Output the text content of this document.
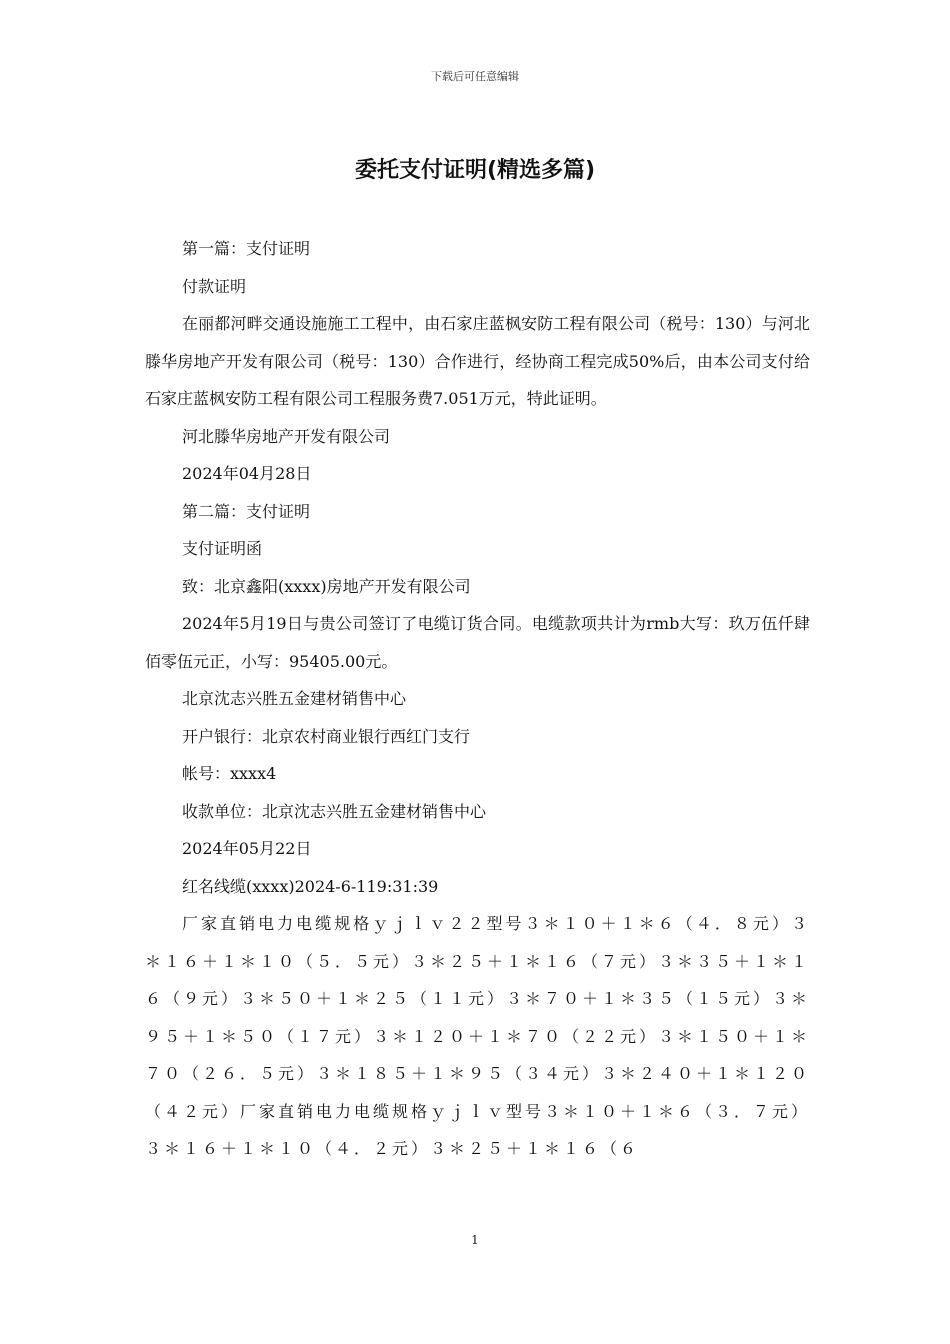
下载后可任意编辑
委托支付证明(精选多篇)

第一篇：支付证明

付款证明

在丽都河畔交通设施施工工程中，由石家庄蓝枫安防工程有限公司（税号：130）与河北滕华房地产开发有限公司（税号：130）合作进行，经协商工程完成50%后，由本公司支付给石家庄蓝枫安防工程有限公司工程服务费7.051万元，特此证明。

河北滕华房地产开发有限公司

2024年04月28日

第二篇：支付证明

支付证明函

致：北京鑫阳(xxxx)房地产开发有限公司

2024年5月19日与贵公司签订了电缆订货合同。电缆款项共计为rmb大写：玖万伍仟肆佰零伍元正，小写：95405.00元。

北京沈志兴胜五金建材销售中心

开户银行：北京农村商业银行西红门支行

帐号：xxxx4

收款单位：北京沈志兴胜五金建材销售中心

2024年05月22日

红名线缆(xxxx)2024-6-119:31:39

厂家直销电力电缆规格ｙｊｌｖ２２型号３＊１０＋１＊６（４．８元）３＊１６＋１＊１０（５．５元）３＊２５＋１＊１６（７元）３＊３５＋１＊１６（９元）３＊５０＋１＊２５（１１元）３＊７０＋１＊３５（１５元）３＊９５＋１＊５０（１７元）３＊１２０＋１＊７０（２２元）３＊１５０＋１＊７０（２６．５元）３＊１８５＋１＊９５（３４元）３＊２４０＋１＊１２０（４２元）厂家直销电力电缆规格ｙｊｌｖ型号３＊１０＋１＊６（３．７元）３＊１６＋１＊１０（４．２元）３＊２５＋１＊１６（６

1
